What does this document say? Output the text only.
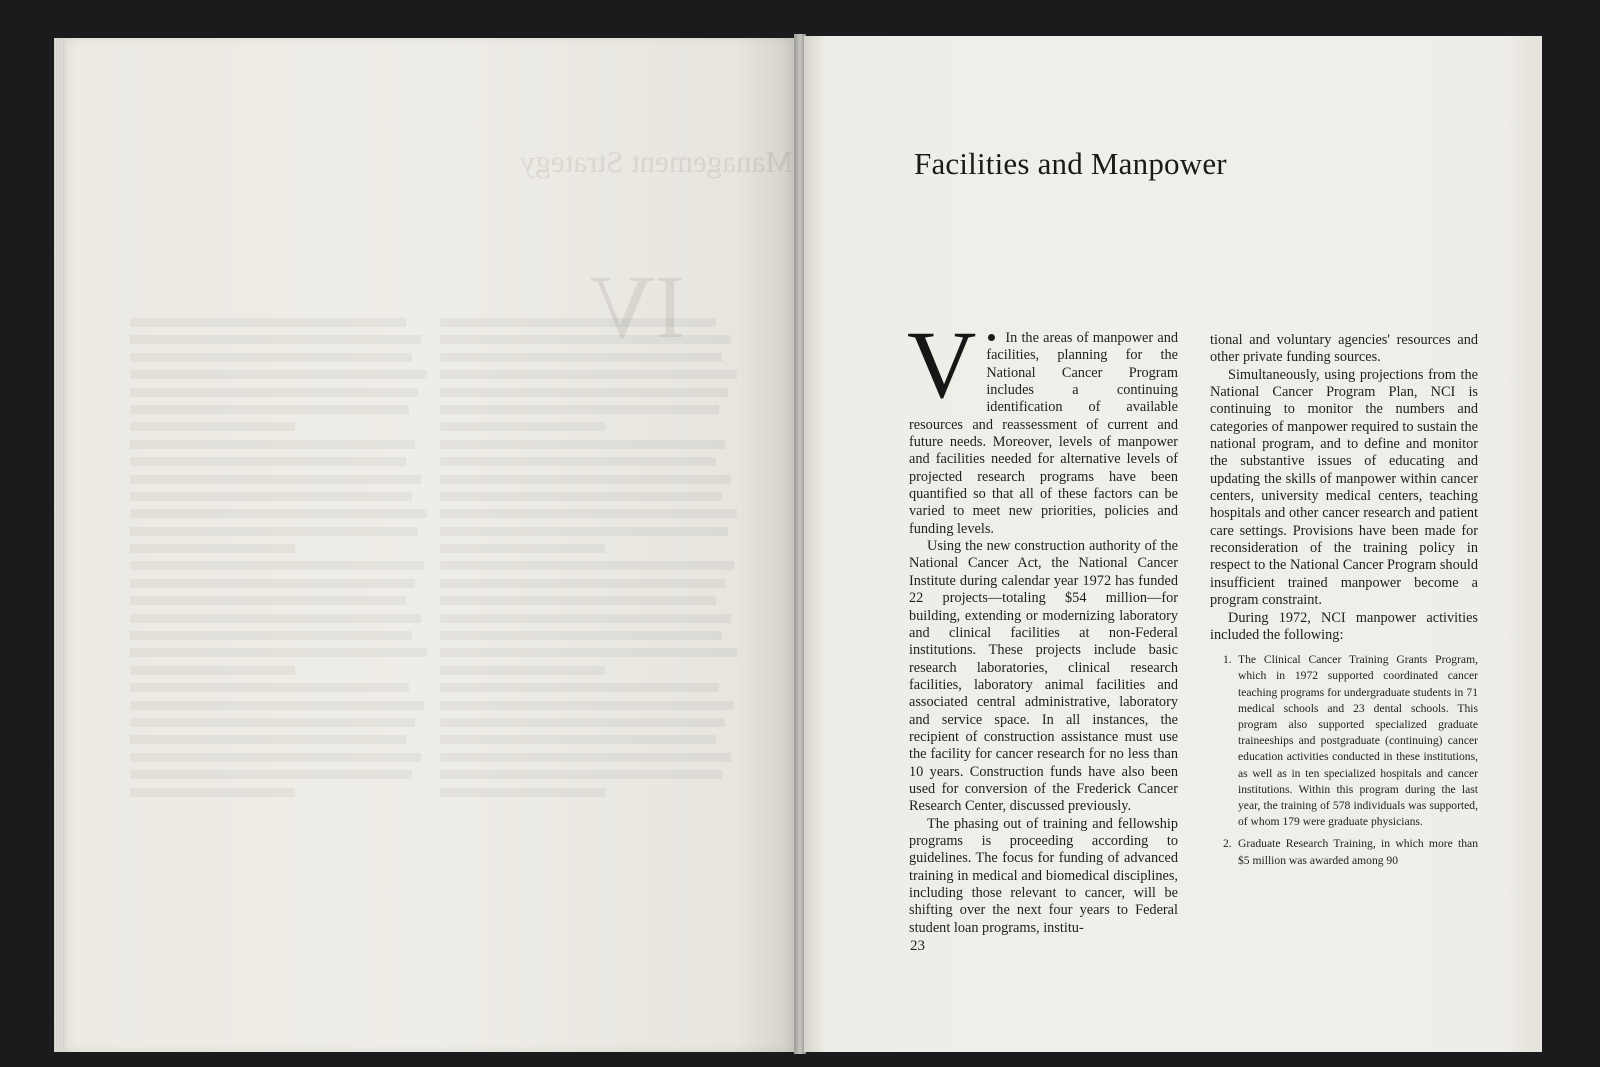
Management Strategy
IV
Facilities and Manpower

V In the areas of manpower and facilities, planning for the National Cancer Program includes a continuing identification of available resources and reassessment of current and future needs. Moreover, levels of manpower and facilities needed for alternative levels of projected research programs have been quantified so that all of these factors can be varied to meet new priorities, policies and funding levels.

Using the new construction authority of the National Cancer Act, the National Cancer Institute during calendar year 1972 has funded 22 projects—totaling $54 million—for building, extending or modernizing laboratory and clinical facilities at non-Federal institutions. These projects include basic research laboratories, clinical research facilities, laboratory animal facilities and associated central administrative, laboratory and service space. In all instances, the recipient of construction assistance must use the facility for cancer research for no less than 10 years. Construction funds have also been used for conversion of the Frederick Cancer Research Center, discussed previously.

The phasing out of training and fellowship programs is proceeding according to guidelines. The focus for funding of advanced training in medical and biomedical disciplines, including those relevant to cancer, will be shifting over the next four years to Federal student loan programs, institu-

tional and voluntary agencies' resources and other private funding sources.

Simultaneously, using projections from the National Cancer Program Plan, NCI is continuing to monitor the numbers and categories of manpower required to sustain the national program, and to define and monitor the substantive issues of educating and updating the skills of manpower within cancer centers, university medical centers, teaching hospitals and other cancer research and patient care settings. Provisions have been made for reconsideration of the training policy in respect to the National Cancer Program should insufficient trained manpower become a program constraint.

During 1972, NCI manpower activities included the following:

1. The Clinical Cancer Training Grants Program, which in 1972 supported coordinated cancer teaching programs for undergraduate students in 71 medical schools and 23 dental schools. This program also supported specialized graduate traineeships and postgraduate (continuing) cancer education activities conducted in these institutions, as well as in ten specialized hospitals and cancer institutions. Within this program during the last year, the training of 578 individuals was supported, of whom 179 were graduate physicians.
2. Graduate Research Training, in which more than $5 million was awarded among 90
23
